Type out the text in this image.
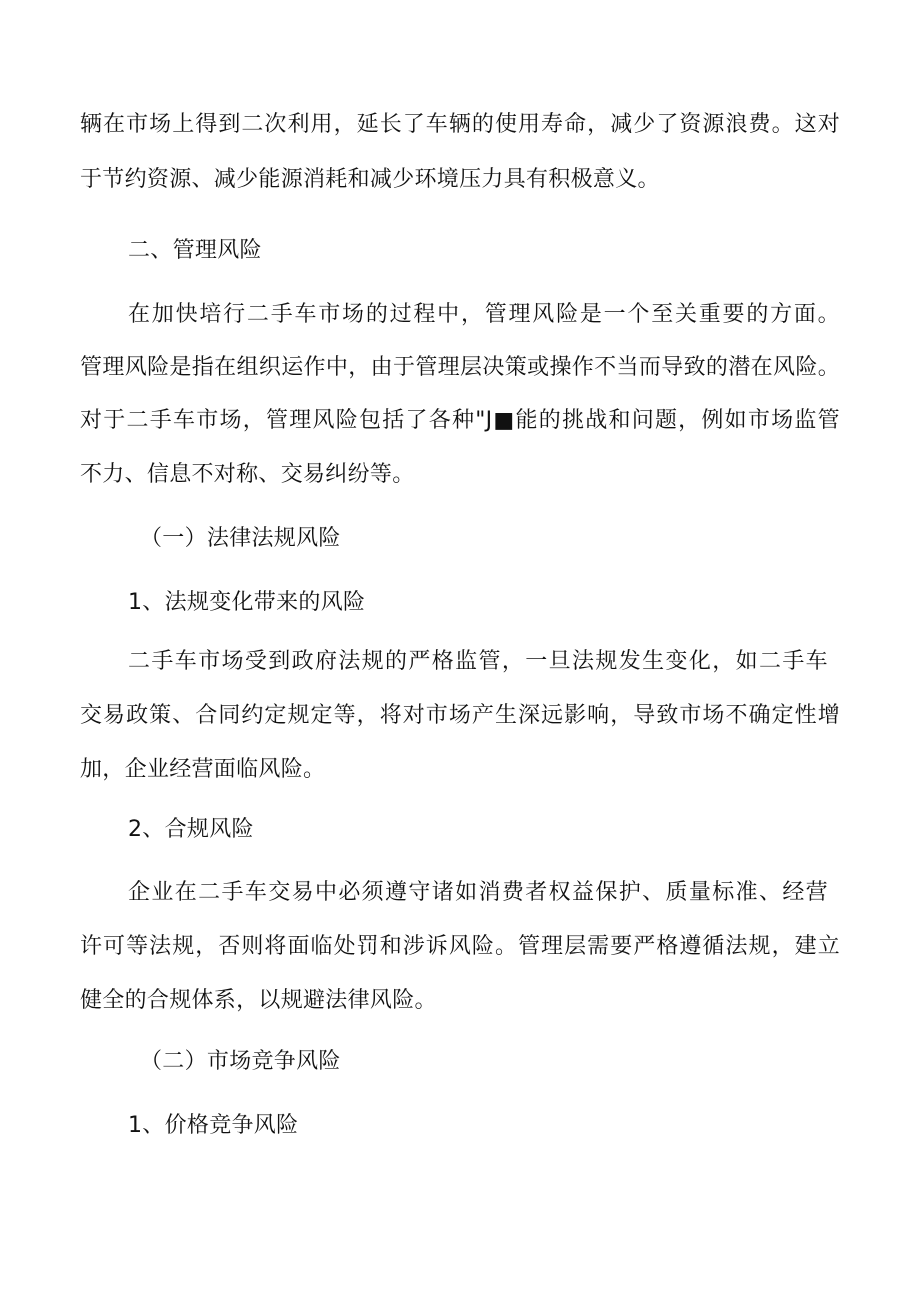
辆在市场上得到二次利用，延长了车辆的使用寿命，减少了资源浪费。这对
于节约资源、减少能源消耗和减少环境压力具有积极意义。
二、管理风险
在加快培行二手车市场的过程中，管理风险是一个至关重要的方面。
管理风险是指在组织运作中，由于管理层决策或操作不当而导致的潜在风险。
对于二手车市场，管理风险包括了各种"J■能的挑战和问题，例如市场监管
不力、信息不对称、交易纠纷等。
（一）法律法规风险
1、法规变化带来的风险
二手车市场受到政府法规的严格监管，一旦法规发生变化，如二手车
交易政策、合同约定规定等，将对市场产生深远影响，导致市场不确定性增
加，企业经营面临风险。
2、合规风险
企业在二手车交易中必须遵守诸如消费者权益保护、质量标准、经营
许可等法规，否则将面临处罚和涉诉风险。管理层需要严格遵循法规，建立
健全的合规体系，以规避法律风险。
（二）市场竞争风险
1、价格竞争风险
